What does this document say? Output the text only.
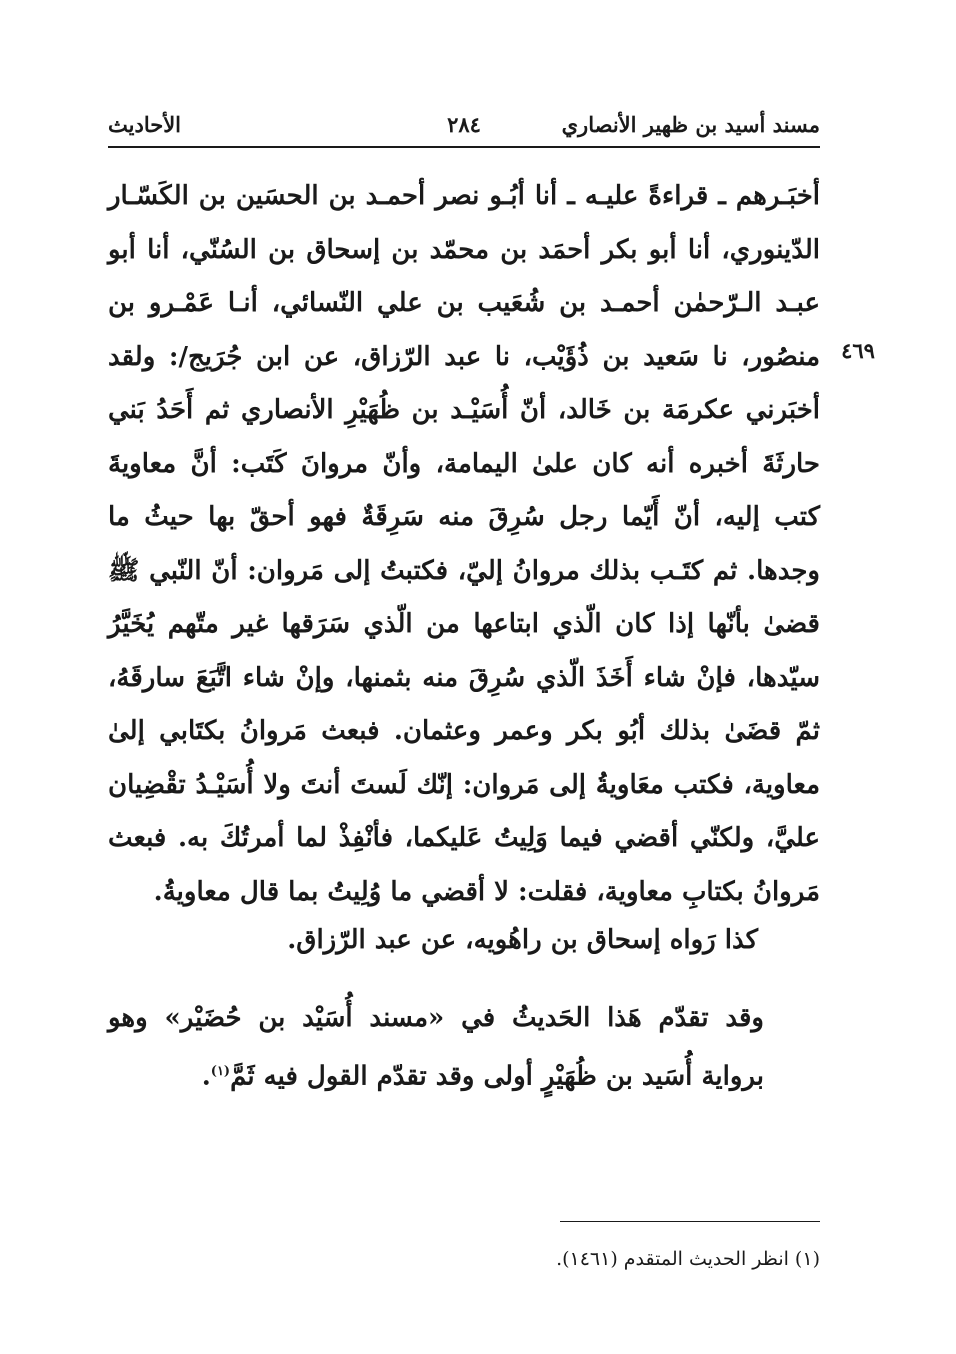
مسند أسيد بن ظهير الأنصاري
٢٨٤
الأحاديث
٤٦٩

أخبَـرهم ـ قراءةً عليـه ـ أنا أبُـو نصر أحمـد بن الحسَين بن الكَسّـار الدّينوري، أنا أبو بكر أحمَد بن محمّد بن إسحاق بن السُنّي، أنا أبو عبـد الـرّحمٰن أحمـد بن شُعَيب بن علي النّسائي، أنـا عَمْـرو بن منصُور، نا سَعيد بن ذُؤَيْب، نا عبد الرّزاق، عن ابن جُرَيج/: ولقد أخبَرني عكرمَة بن خَالد، أنّ أُسَيْـد بن ظُهَيْرِ الأنصاري ثم أَحَدُ بَني حارثَةَ أخبره أنه كان علىٰ اليمامة، وأنّ مروانَ كَتَب: أنَّ معاويةَ كتب إليه، أنّ أَيّما رجل سُرِقَ منه سَرِقَةٌ فهو أحقّ بها حيثُ ما وجدها. ثم كتَـب بذلك مروانُ إليّ، فكتبتُ إلى مَروان: أنّ النّبي ﷺ قضىٰ بأنّها إذا كان الّذي ابتاعها من الّذي سَرَقها غير متّهم يُخَيَّرُ سيّدها، فإنْ شاء أَخَذَ الّذي سُرِقَ منه بثمنها، وإنْ شاء اتَّبَعَ سارقَهُ، ثمّ قضَىٰ بذلك أبُو بكر وعمر وعثمان. فبعث مَروانُ بكتَابي إلىٰ معاوية، فكتب معَاويةُ إلى مَروان: إنّك لَستَ أنتَ ولا أُسَيْـدُ تقْضِيان عليَّ، ولكنّي أقضي فيما وَلِيتُ عَليكما، فأنْفِذْ لما أمرتُكَ به. فبعث مَروانُ بكتابِ معاوية، فقلت: لا أقضي ما وُلِيتُ بما قال معاويةُ.

كذا رَواه إسحاق بن راهُويه، عن عبد الرّزاق.
وقد تقدّم هَذا الحَديثُ في «مسند أُسَيْد بن حُضَيْر» وهو برواية أُسَيد بن ظُهَيْرٍ أولى وقد تقدّم القول فيه ثَمَّ$^{(١)}$.
(١) انظر الحديث المتقدم (١٤٦١).
